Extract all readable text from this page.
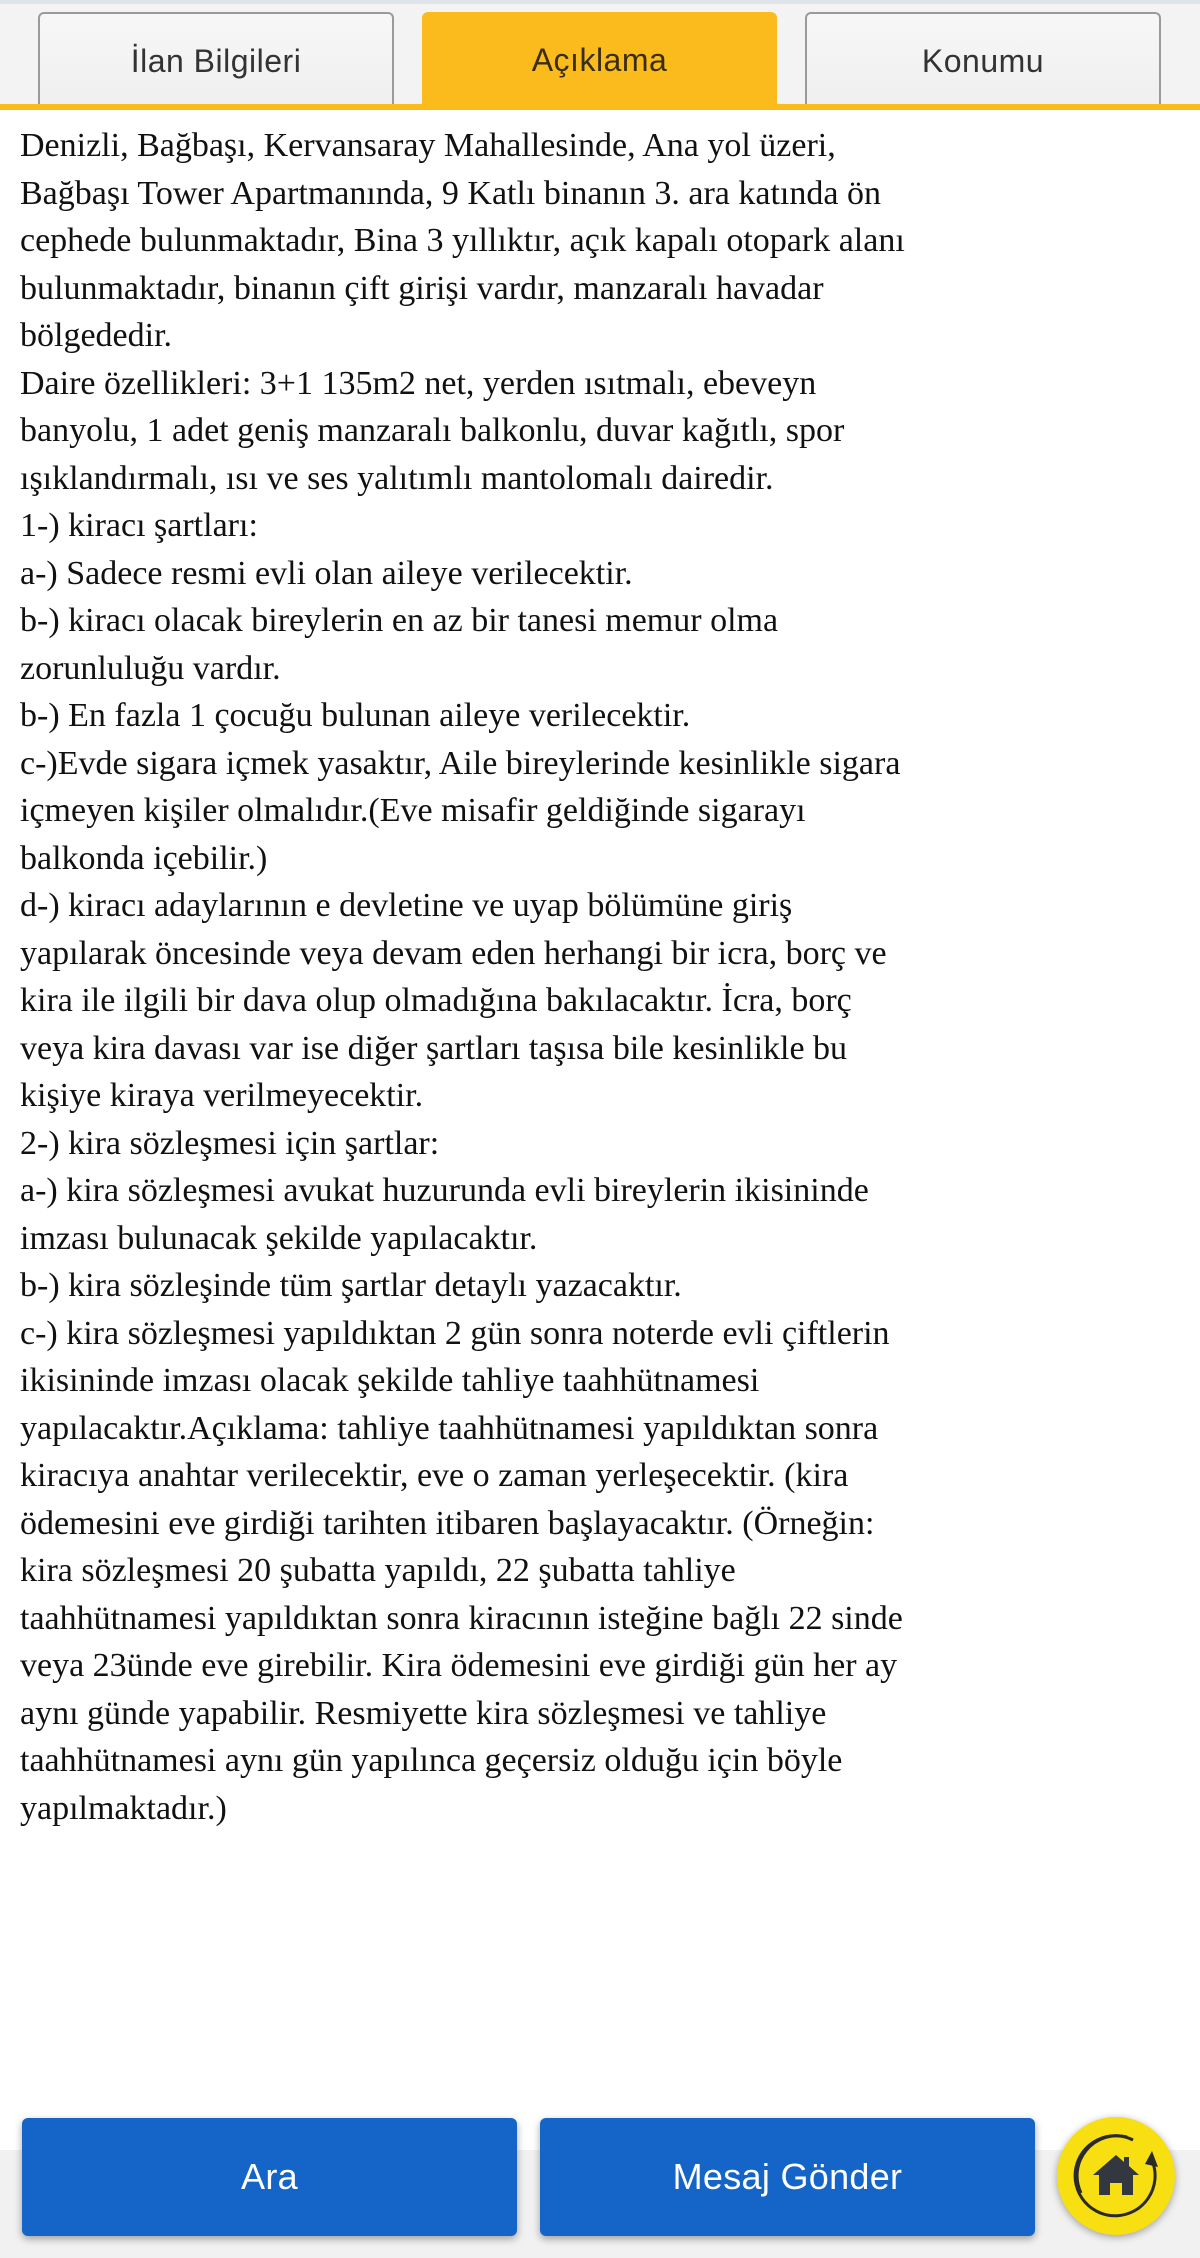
İlan Bilgileri	Açıklama	Konumu

Denizli, Bağbaşı, Kervansaray Mahallesinde, Ana yol üzeri,

Bağbaşı Tower Apartmanında, 9 Katlı binanın 3. ara katında ön

cephede bulunmaktadır, Bina 3 yıllıktır, açık kapalı otopark alanı

bulunmaktadır, binanın çift girişi vardır, manzaralı havadar

bölgededir.

Daire özellikleri: 3+1 135m2 net, yerden ısıtmalı, ebeveyn

banyolu, 1 adet geniş manzaralı balkonlu, duvar kağıtlı, spor

ışıklandırmalı, ısı ve ses yalıtımlı mantolomalı dairedir.

1-) kiracı şartları:

a-) Sadece resmi evli olan aileye verilecektir.

b-) kiracı olacak bireylerin en az bir tanesi memur olma

zorunluluğu vardır.

b-) En fazla 1 çocuğu bulunan aileye verilecektir.

c-)Evde sigara içmek yasaktır, Aile bireylerinde kesinlikle sigara

içmeyen kişiler olmalıdır.(Eve misafir geldiğinde sigarayı

balkonda içebilir.)

d-) kiracı adaylarının e devletine ve uyap bölümüne giriş

yapılarak öncesinde veya devam eden herhangi bir icra, borç ve

kira ile ilgili bir dava olup olmadığına bakılacaktır. İcra, borç

veya kira davası var ise diğer şartları taşısa bile kesinlikle bu

kişiye kiraya verilmeyecektir.

2-) kira sözleşmesi için şartlar:

a-) kira sözleşmesi avukat huzurunda evli bireylerin ikisininde

imzası bulunacak şekilde yapılacaktır.

b-) kira sözleşinde tüm şartlar detaylı yazacaktır.

c-) kira sözleşmesi yapıldıktan 2 gün sonra noterde evli çiftlerin

ikisininde imzası olacak şekilde tahliye taahhütnamesi

yapılacaktır.Açıklama: tahliye taahhütnamesi yapıldıktan sonra

kiracıya anahtar verilecektir, eve o zaman yerleşecektir. (kira

ödemesini eve girdiği tarihten itibaren başlayacaktır. (Örneğin:

kira sözleşmesi 20 şubatta yapıldı, 22 şubatta tahliye

taahhütnamesi yapıldıktan sonra kiracının isteğine bağlı 22 sinde

veya 23ünde eve girebilir. Kira ödemesini eve girdiği gün her ay

aynı günde yapabilir. Resmiyette kira sözleşmesi ve tahliye

taahhütnamesi aynı gün yapılınca geçersiz olduğu için böyle

yapılmaktadır.)

Ara	Mesaj Gönder
